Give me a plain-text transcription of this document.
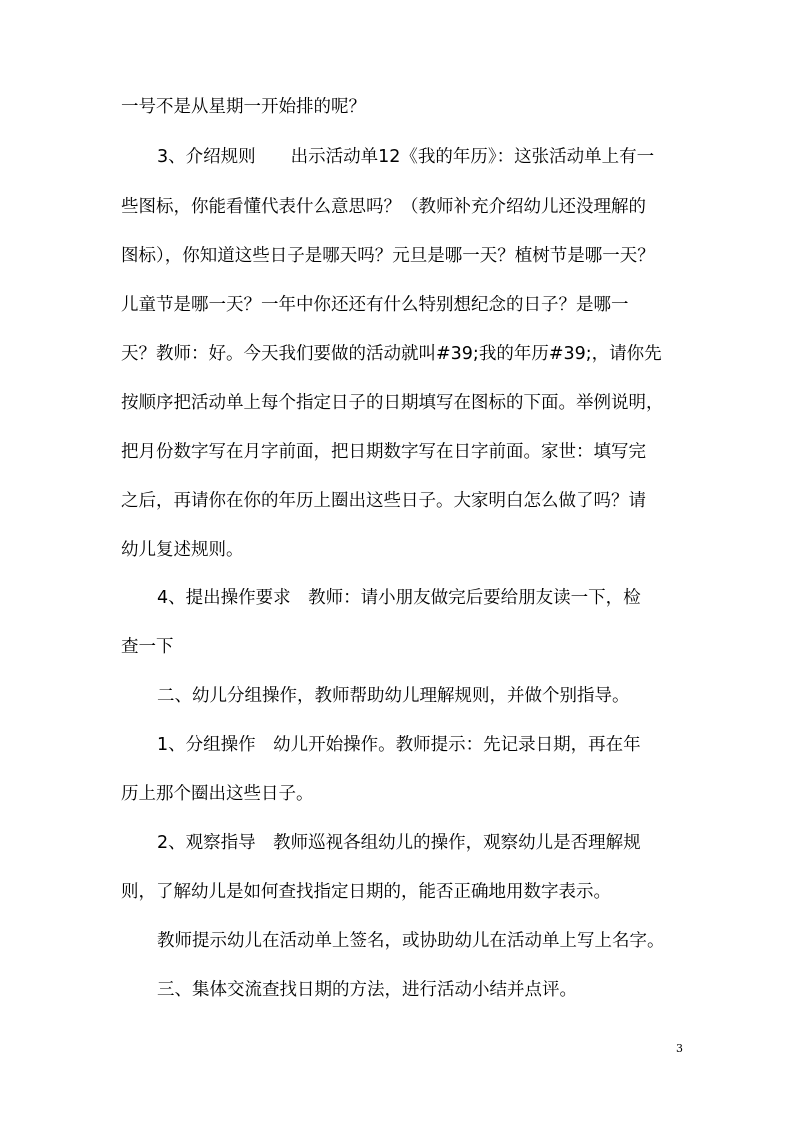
一号不是从星期一开始排的呢？
3、介绍规则　　出示活动单12《我的年历》：这张活动单上有一
些图标，你能看懂代表什么意思吗？（教师补充介绍幼儿还没理解的
图标），你知道这些日子是哪天吗？元旦是哪一天？植树节是哪一天？
儿童节是哪一天？一年中你还还有什么特别想纪念的日子？是哪一
天？教师：好。今天我们要做的活动就叫#39;我的年历#39;，请你先
按顺序把活动单上每个指定日子的日期填写在图标的下面。举例说明，
把月份数字写在月字前面，把日期数字写在日字前面。家世：填写完
之后，再请你在你的年历上圈出这些日子。大家明白怎么做了吗？请
幼儿复述规则。
4、提出操作要求　教师：请小朋友做完后要给朋友读一下，检
查一下
二、幼儿分组操作，教师帮助幼儿理解规则，并做个别指导。
1、分组操作　幼儿开始操作。教师提示：先记录日期，再在年
历上那个圈出这些日子。
2、观察指导　教师巡视各组幼儿的操作，观察幼儿是否理解规
则，了解幼儿是如何查找指定日期的，能否正确地用数字表示。
教师提示幼儿在活动单上签名，或协助幼儿在活动单上写上名字。
三、集体交流查找日期的方法，进行活动小结并点评。
3
